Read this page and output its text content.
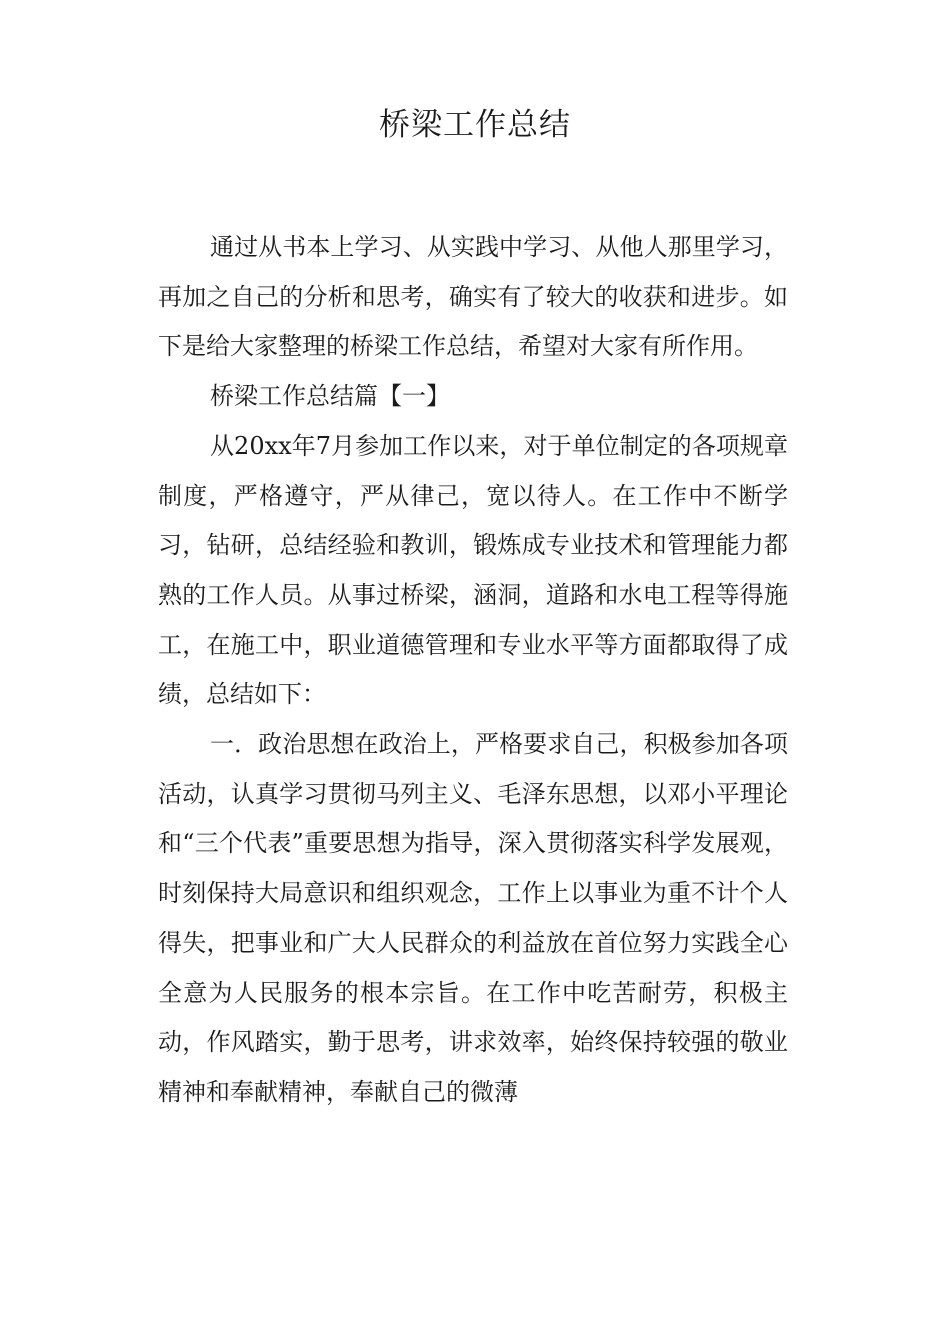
桥梁工作总结

通过从书本上学习、从实践中学习、从他人那里学习，再加之自己的分析和思考，确实有了较大的收获和进步。如下是给大家整理的桥梁工作总结，希望对大家有所作用。

桥梁工作总结篇【一】

从20xx年7月参加工作以来，对于单位制定的各项规章制度，严格遵守，严从律己，宽以待人。在工作中不断学习，钻研，总结经验和教训，锻炼成专业技术和管理能力都熟的工作人员。从事过桥梁，涵洞，道路和水电工程等得施工，在施工中，职业道德管理和专业水平等方面都取得了成绩，总结如下：

一．政治思想在政治上，严格要求自己，积极参加各项活动，认真学习贯彻马列主义、毛泽东思想，以邓小平理论和“三个代表”重要思想为指导，深入贯彻落实科学发展观，时刻保持大局意识和组织观念，工作上以事业为重不计个人得失，把事业和广大人民群众的利益放在首位努力实践全心全意为人民服务的根本宗旨。在工作中吃苦耐劳，积极主动，作风踏实，勤于思考，讲求效率，始终保持较强的敬业精神和奉献精神，奉献自己的微薄
